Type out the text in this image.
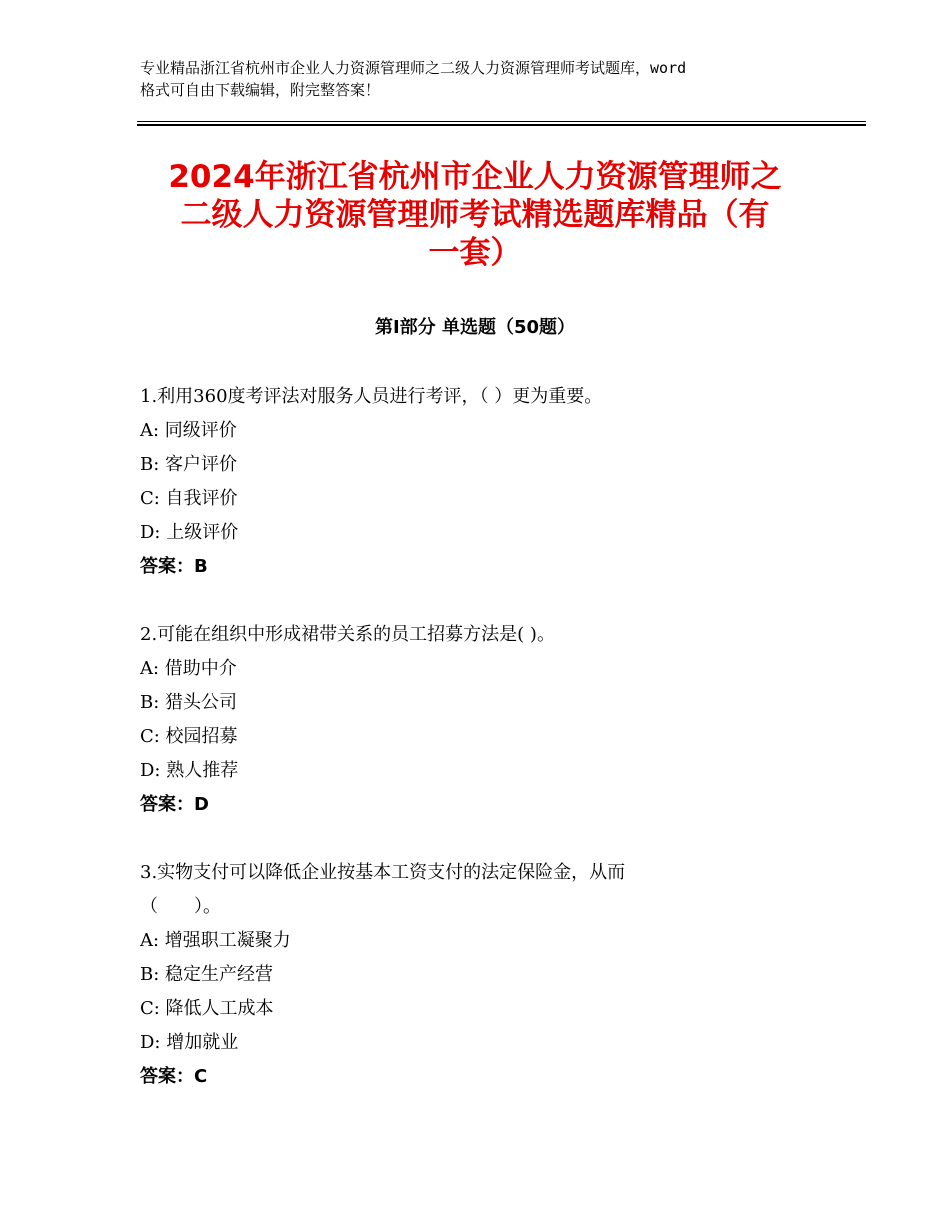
专业精品浙江省杭州市企业人力资源管理师之二级人力资源管理师考试题库，word
格式可自由下载编辑，附完整答案！
2024年浙江省杭州市企业人力资源管理师之
二级人力资源管理师考试精选题库精品（有
一套）
第Ⅰ部分 单选题（50题）
1.利用360度考评法对服务人员进行考评，（ ）更为重要。
A: 同级评价
B: 客户评价
C: 自我评价
D: 上级评价
答案：B
2.可能在组织中形成裙带关系的员工招募方法是( )。
A: 借助中介
B: 猎头公司
C: 校园招募
D: 熟人推荐
答案：D
3.实物支付可以降低企业按基本工资支付的法定保险金，从而
（　　）。
A: 增强职工凝聚力
B: 稳定生产经营
C: 降低人工成本
D: 增加就业
答案：C
